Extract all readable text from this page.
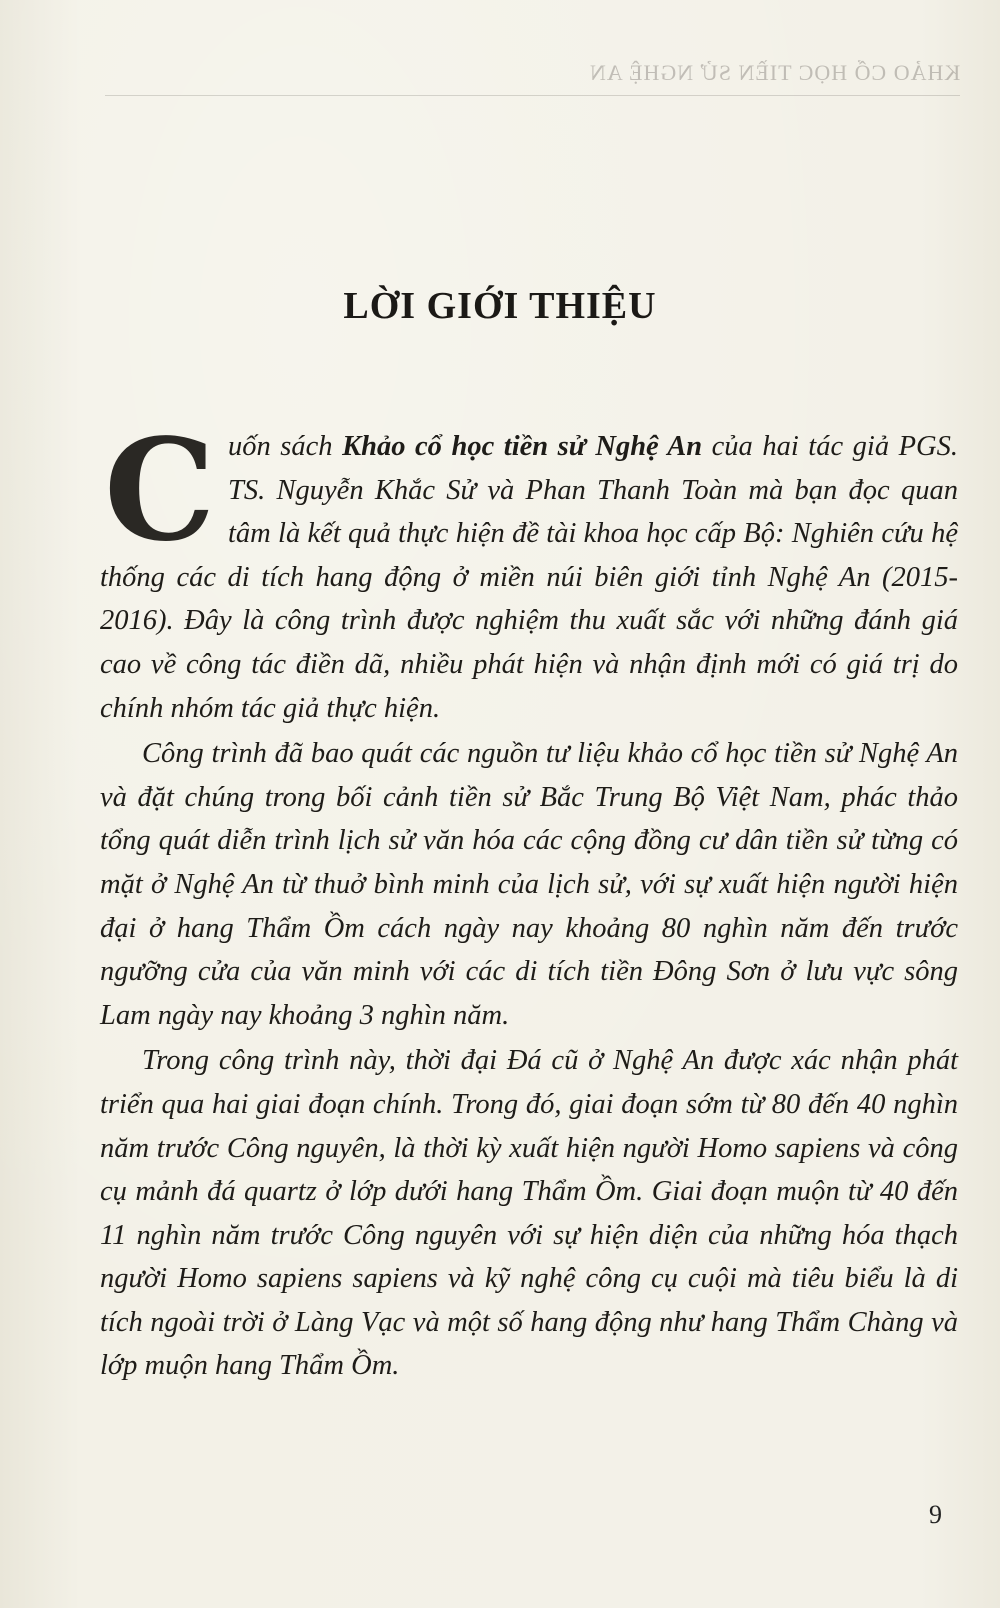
KHẢO CỔ HỌC TIỀN SỬ NGHỆ AN
LỜI GIỚI THIỆU

C uốn sách Khảo cổ học tiền sử Nghệ An của hai tác giả PGS. TS. Nguyễn Khắc Sử và Phan Thanh Toàn mà bạn đọc quan tâm là kết quả thực hiện đề tài khoa học cấp Bộ: Nghiên cứu hệ thống các di tích hang động ở miền núi biên giới tỉnh Nghệ An (2015-2016). Đây là công trình được nghiệm thu xuất sắc với những đánh giá cao về công tác điền dã, nhiều phát hiện và nhận định mới có giá trị do chính nhóm tác giả thực hiện.

Công trình đã bao quát các nguồn tư liệu khảo cổ học tiền sử Nghệ An và đặt chúng trong bối cảnh tiền sử Bắc Trung Bộ Việt Nam, phác thảo tổng quát diễn trình lịch sử văn hóa các cộng đồng cư dân tiền sử từng có mặt ở Nghệ An từ thuở bình minh của lịch sử, với sự xuất hiện người hiện đại ở hang Thẩm Ồm cách ngày nay khoảng 80 nghìn năm đến trước ngưỡng cửa của văn minh với các di tích tiền Đông Sơn ở lưu vực sông Lam ngày nay khoảng 3 nghìn năm.

Trong công trình này, thời đại Đá cũ ở Nghệ An được xác nhận phát triển qua hai giai đoạn chính. Trong đó, giai đoạn sớm từ 80 đến 40 nghìn năm trước Công nguyên, là thời kỳ xuất hiện người Homo sapiens và công cụ mảnh đá quartz ở lớp dưới hang Thẩm Ồm. Giai đoạn muộn từ 40 đến 11 nghìn năm trước Công nguyên với sự hiện diện của những hóa thạch người Homo sapiens sapiens và kỹ nghệ công cụ cuội mà tiêu biểu là di tích ngoài trời ở Làng Vạc và một số hang động như hang Thẩm Chàng và lớp muộn hang Thẩm Ồm.

9
